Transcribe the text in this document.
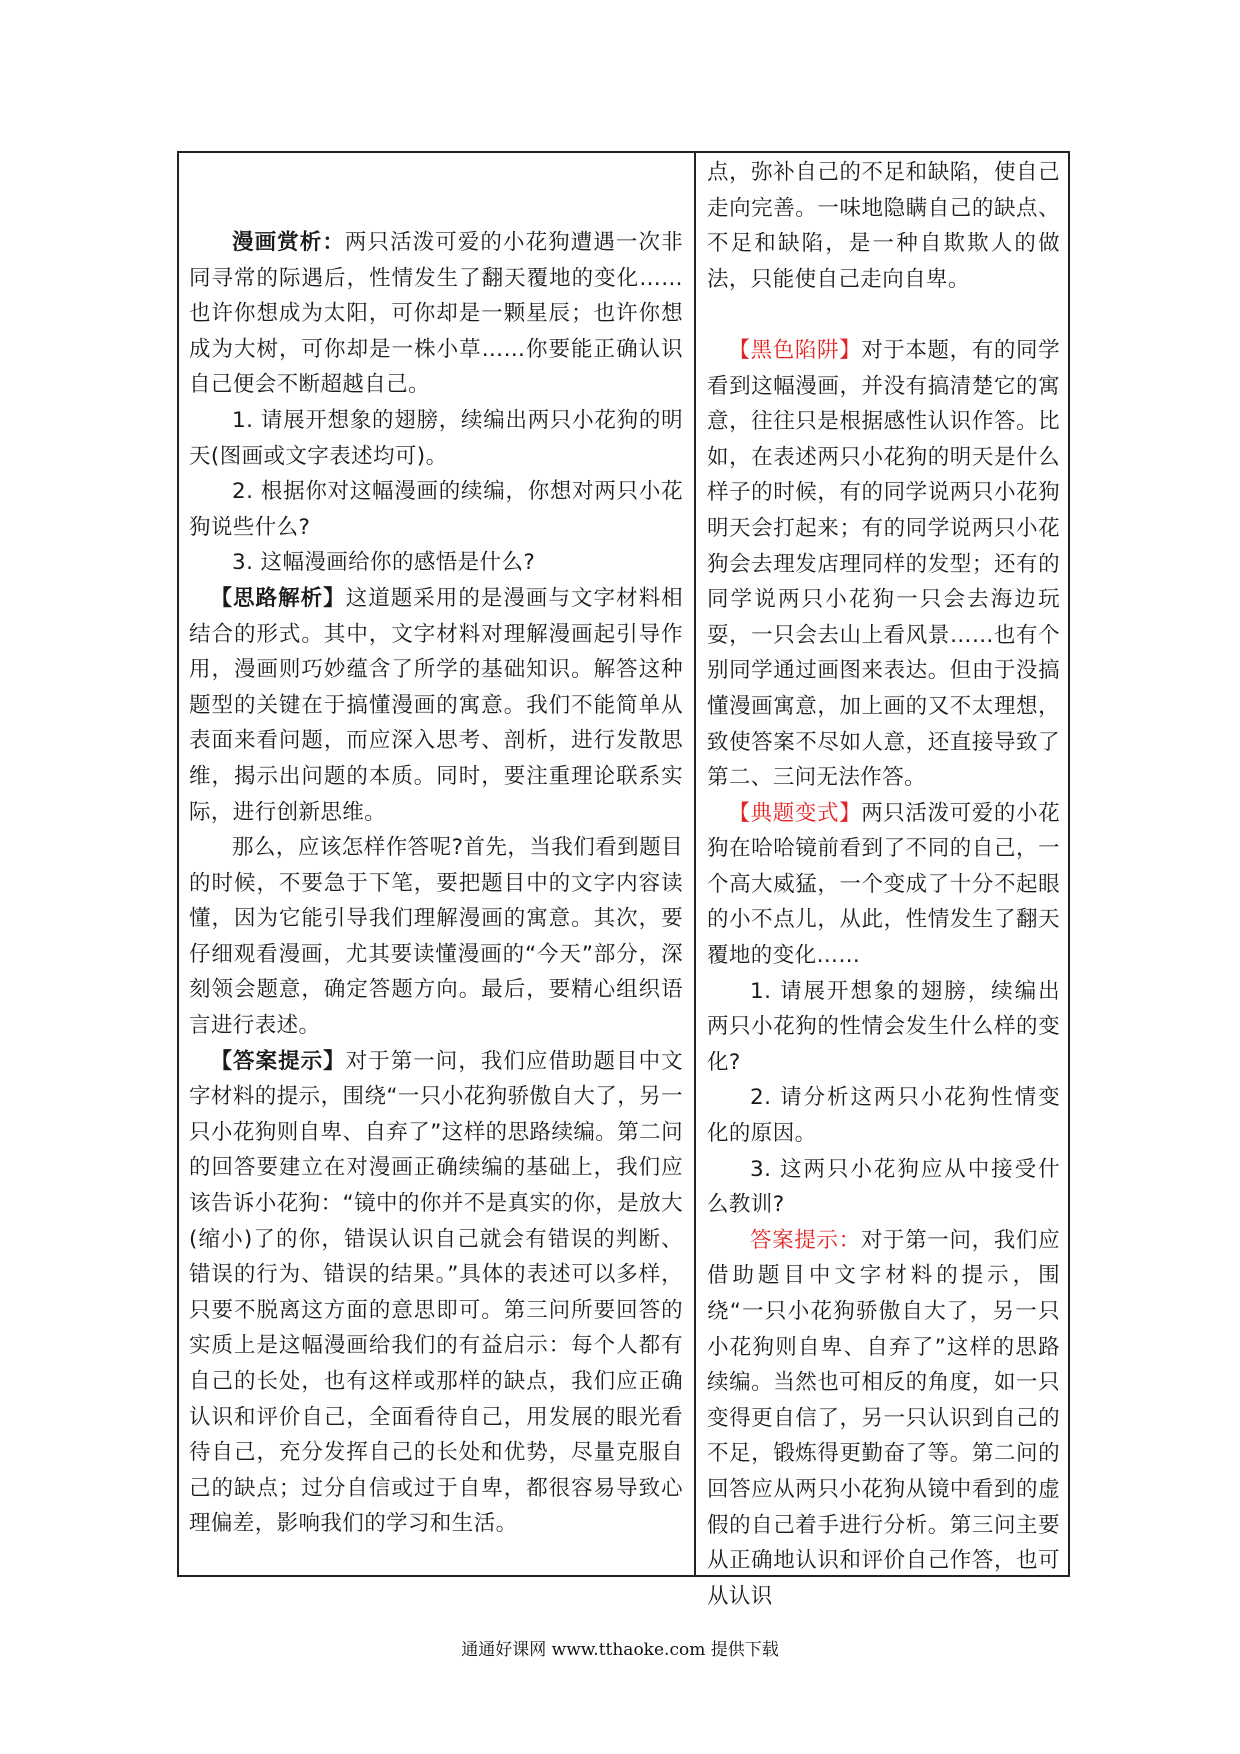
漫画赏析：两只活泼可爱的小花狗遭遇一次非同寻常的际遇后，性情发生了翻天覆地的变化……也许你想成为太阳，可你却是一颗星辰；也许你想成为大树，可你却是一株小草……你要能正确认识自己便会不断超越自己。

1. 请展开想象的翅膀，续编出两只小花狗的明天(图画或文字表述均可)。

2. 根据你对这幅漫画的续编，你想对两只小花狗说些什么?

3. 这幅漫画给你的感悟是什么?

【思路解析】这道题采用的是漫画与文字材料相结合的形式。其中，文字材料对理解漫画起引导作用，漫画则巧妙蕴含了所学的基础知识。解答这种题型的关键在于搞懂漫画的寓意。我们不能简单从表面来看问题，而应深入思考、剖析，进行发散思维，揭示出问题的本质。同时，要注重理论联系实际，进行创新思维。

那么，应该怎样作答呢?首先，当我们看到题目的时候，不要急于下笔，要把题目中的文字内容读懂，因为它能引导我们理解漫画的寓意。其次，要仔细观看漫画，尤其要读懂漫画的“今天”部分，深刻领会题意，确定答题方向。最后，要精心组织语言进行表述。

【答案提示】对于第一问，我们应借助题目中文字材料的提示，围绕“一只小花狗骄傲自大了，另一只小花狗则自卑、自弃了”这样的思路续编。第二问的回答要建立在对漫画正确续编的基础上，我们应该告诉小花狗：“镜中的你并不是真实的你，是放大(缩小)了的你，错误认识自己就会有错误的判断、错误的行为、错误的结果。”具体的表述可以多样，只要不脱离这方面的意思即可。第三问所要回答的实质上是这幅漫画给我们的有益启示：每个人都有自己的长处，也有这样或那样的缺点，我们应正确认识和评价自己，全面看待自己，用发展的眼光看待自己，充分发挥自己的长处和优势，尽量克服自己的缺点；过分自信或过于自卑，都很容易导致心理偏差，影响我们的学习和生活。

点，弥补自己的不足和缺陷，使自己走向完善。一味地隐瞒自己的缺点、不足和缺陷，是一种自欺欺人的做法，只能使自己走向自卑。

【黑色陷阱】对于本题，有的同学看到这幅漫画，并没有搞清楚它的寓意，往往只是根据感性认识作答。比如，在表述两只小花狗的明天是什么样子的时候，有的同学说两只小花狗明天会打起来；有的同学说两只小花狗会去理发店理同样的发型；还有的同学说两只小花狗一只会去海边玩耍，一只会去山上看风景……也有个别同学通过画图来表达。但由于没搞懂漫画寓意，加上画的又不太理想，致使答案不尽如人意，还直接导致了第二、三问无法作答。

【典题变式】两只活泼可爱的小花狗在哈哈镜前看到了不同的自己，一个高大威猛，一个变成了十分不起眼的小不点儿，从此，性情发生了翻天覆地的变化……

1. 请展开想象的翅膀，续编出两只小花狗的性情会发生什么样的变化?

2. 请分析这两只小花狗性情变化的原因。

3. 这两只小花狗应从中接受什么教训?

答案提示：对于第一问，我们应借助题目中文字材料的提示，围绕“一只小花狗骄傲自大了，另一只小花狗则自卑、自弃了”这样的思路续编。当然也可相反的角度，如一只变得更自信了，另一只认识到自己的不足，锻炼得更勤奋了等。第二问的回答应从两只小花狗从镜中看到的虚假的自己着手进行分析。第三问主要从正确地认识和评价自己作答，也可从认识

通通好课网 www.tthaoke.com 提供下载
